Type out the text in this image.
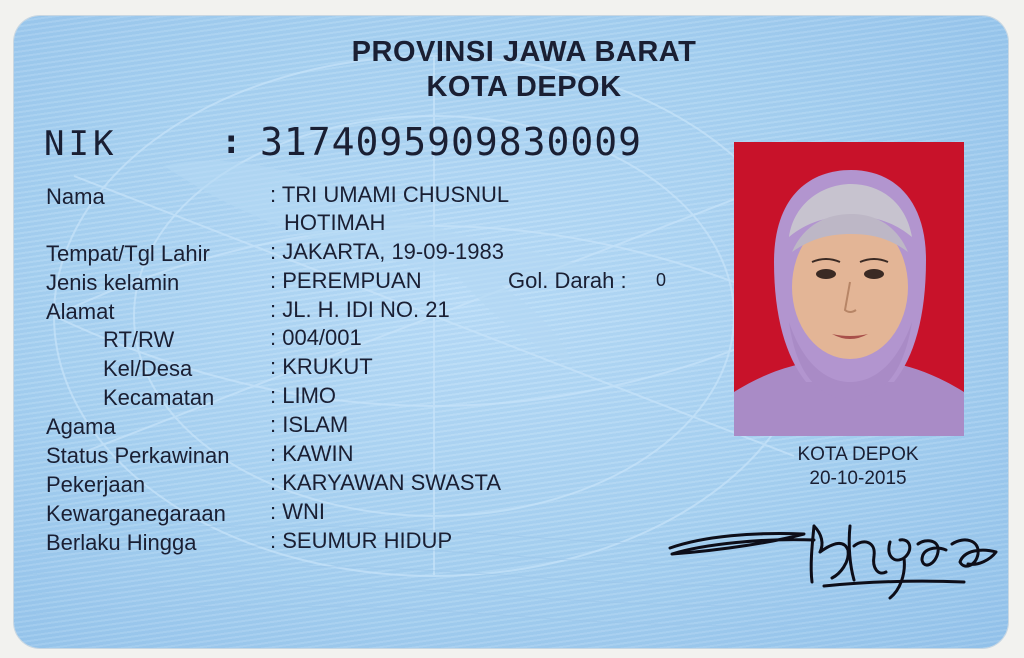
PROVINSI JAWA BARAT
KOTA DEPOK
NIK	: 3174095909830009
Nama	: TRI UMAMI CHUSNUL
HOTIMAH
Tempat/Tgl Lahir	: JAKARTA, 19-09-1983
Jenis kelamin	: PEREMPUAN	Gol. Darah : 0
Alamat	: JL. H. IDI NO. 21
RT/RW	: 004/001
Kel/Desa	: KRUKUT
Kecamatan	: LIMO
Agama	: ISLAM
Status Perkawinan : KAWIN
Pekerjaan	: KARYAWAN SWASTA
Kewarganegaraan : WNI
Berlaku Hingga	: SEUMUR HIDUP
KOTA DEPOK
20-10-2015
